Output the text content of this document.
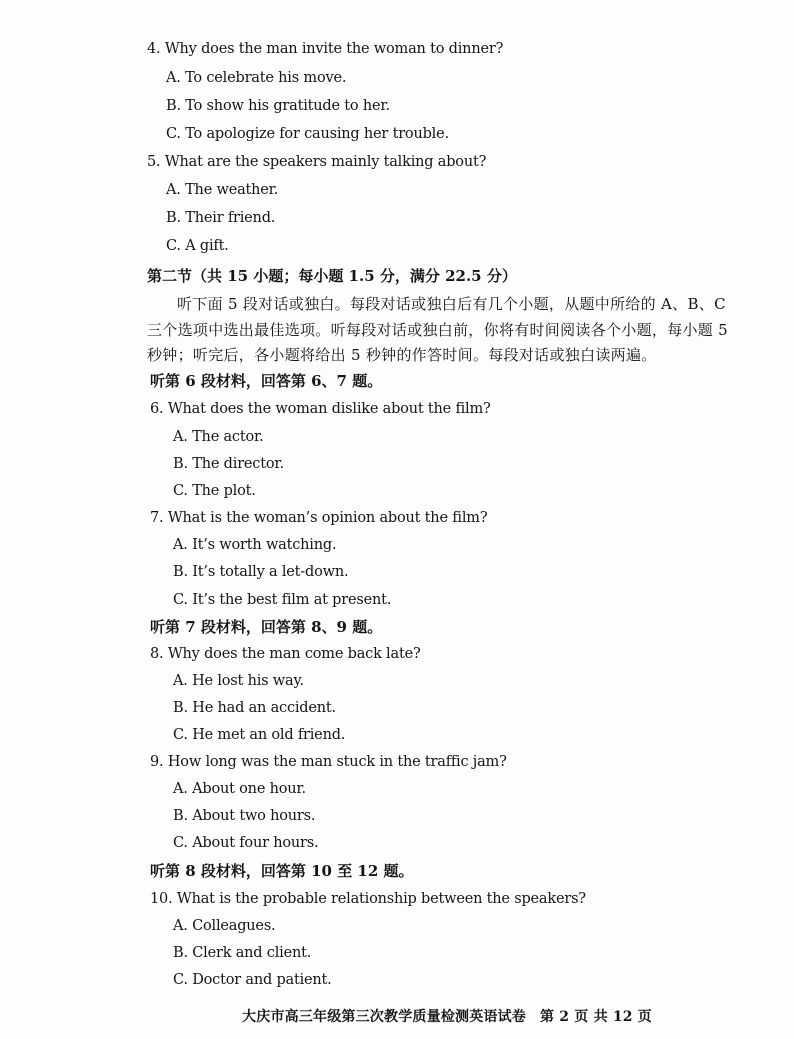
4. Why does the man invite the woman to dinner?
A. To celebrate his move.
B. To show his gratitude to her.
C. To apologize for causing her trouble.
5. What are the speakers mainly talking about?
A. The weather.
B. Their friend.
C. A gift.
第二节（共 15 小题；每小题 1.5 分，满分 22.5 分）
听下面 5 段对话或独白。每段对话或独白后有几个小题，从题中所给的 A、B、C
三个选项中选出最佳选项。听每段对话或独白前，你将有时间阅读各个小题，每小题 5
秒钟；听完后，各小题将给出 5 秒钟的作答时间。每段对话或独白读两遍。
听第 6 段材料，回答第 6、7 题。
6. What does the woman dislike about the film?
A. The actor.
B. The director.
C. The plot.
7. What is the woman’s opinion about the film?
A. It’s worth watching.
B. It’s totally a let-down.
C. It’s the best film at present.
听第 7 段材料，回答第 8、9 题。
8. Why does the man come back late?
A. He lost his way.
B. He had an accident.
C. He met an old friend.
9. How long was the man stuck in the traffic jam?
A. About one hour.
B. About two hours.
C. About four hours.
听第 8 段材料，回答第 10 至 12 题。
10. What is the probable relationship between the speakers?
A. Colleagues.
B. Clerk and client.
C. Doctor and patient.
大庆市高三年级第三次教学质量检测英语试卷 第 2 页 共 12 页
